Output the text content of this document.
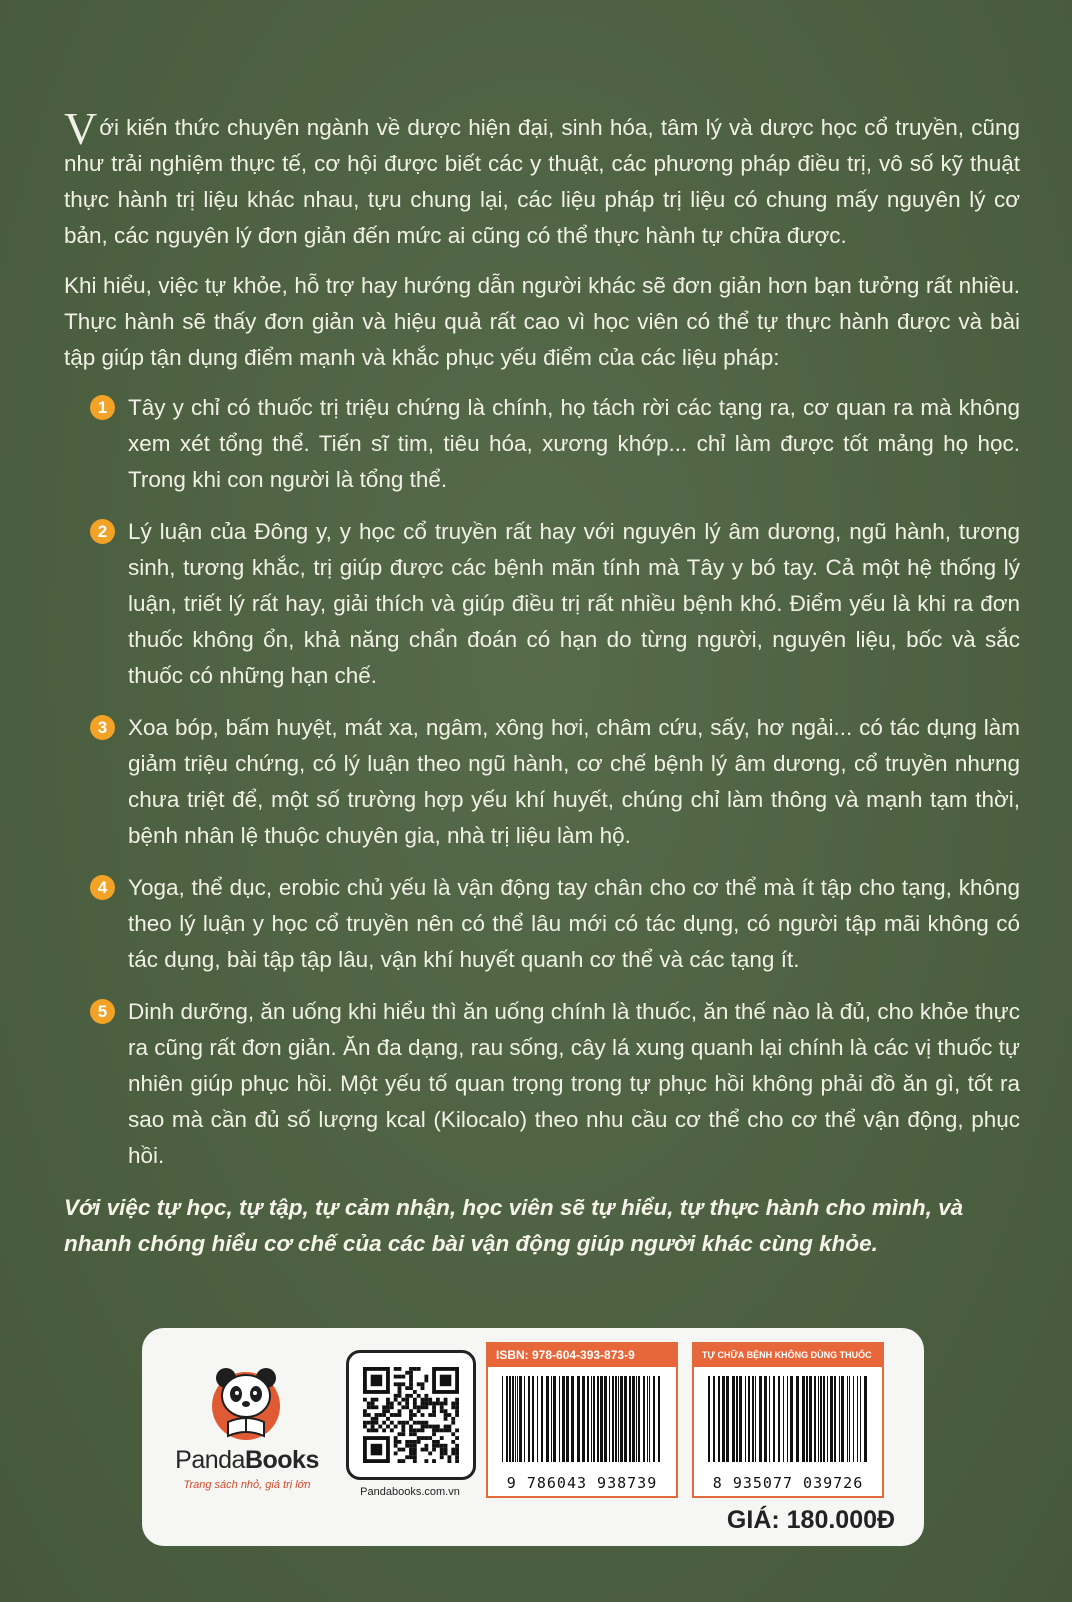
Với kiến thức chuyên ngành về dược hiện đại, sinh hóa, tâm lý và dược học cổ truyền, cũng như trải nghiệm thực tế, cơ hội được biết các y thuật, các phương pháp điều trị, vô số kỹ thuật thực hành trị liệu khác nhau, tựu chung lại, các liệu pháp trị liệu có chung mấy nguyên lý cơ bản, các nguyên lý đơn giản đến mức ai cũng có thể thực hành tự chữa được.

Khi hiểu, việc tự khỏe, hỗ trợ hay hướng dẫn người khác sẽ đơn giản hơn bạn tưởng rất nhiều. Thực hành sẽ thấy đơn giản và hiệu quả rất cao vì học viên có thể tự thực hành được và bài tập giúp tận dụng điểm mạnh và khắc phục yếu điểm của các liệu pháp:

1 Tây y chỉ có thuốc trị triệu chứng là chính, họ tách rời các tạng ra, cơ quan ra mà không xem xét tổng thể. Tiến sĩ tim, tiêu hóa, xương khớp... chỉ làm được tốt mảng họ học. Trong khi con người là tổng thể.
2 Lý luận của Đông y, y học cổ truyền rất hay với nguyên lý âm dương, ngũ hành, tương sinh, tương khắc, trị giúp được các bệnh mãn tính mà Tây y bó tay. Cả một hệ thống lý luận, triết lý rất hay, giải thích và giúp điều trị rất nhiều bệnh khó. Điểm yếu là khi ra đơn thuốc không ổn, khả năng chẩn đoán có hạn do từng người, nguyên liệu, bốc và sắc thuốc có những hạn chế.
3 Xoa bóp, bấm huyệt, mát xa, ngâm, xông hơi, châm cứu, sấy, hơ ngải... có tác dụng làm giảm triệu chứng, có lý luận theo ngũ hành, cơ chế bệnh lý âm dương, cổ truyền nhưng chưa triệt để, một số trường hợp yếu khí huyết, chúng chỉ làm thông và mạnh tạm thời, bệnh nhân lệ thuộc chuyên gia, nhà trị liệu làm hộ.
4 Yoga, thể dục, erobic chủ yếu là vận động tay chân cho cơ thể mà ít tập cho tạng, không theo lý luận y học cổ truyền nên có thể lâu mới có tác dụng, có người tập mãi không có tác dụng, bài tập tập lâu, vận khí huyết quanh cơ thể và các tạng ít.
5 Dinh dưỡng, ăn uống khi hiểu thì ăn uống chính là thuốc, ăn thế nào là đủ, cho khỏe thực ra cũng rất đơn giản. Ăn đa dạng, rau sống, cây lá xung quanh lại chính là các vị thuốc tự nhiên giúp phục hồi. Một yếu tố quan trọng trong tự phục hồi không phải đồ ăn gì, tốt ra sao mà cần đủ số lượng kcal (Kilocalo) theo nhu cầu cơ thể cho cơ thể vận động, phục hồi.

Với việc tự học, tự tập, tự cảm nhận, học viên sẽ tự hiểu, tự thực hành cho mình, và nhanh chóng hiểu cơ chế của các bài vận động giúp người khác cùng khỏe.

PandaBooks
Trang sách nhỏ, giá trị lớn
Pandabooks.com.vn
ISBN: 978-604-393-873-9
9 786043 938739
TỰ CHỮA BỆNH KHÔNG DÙNG THUỐC
8 935077 039726
GIÁ: 180.000Đ
